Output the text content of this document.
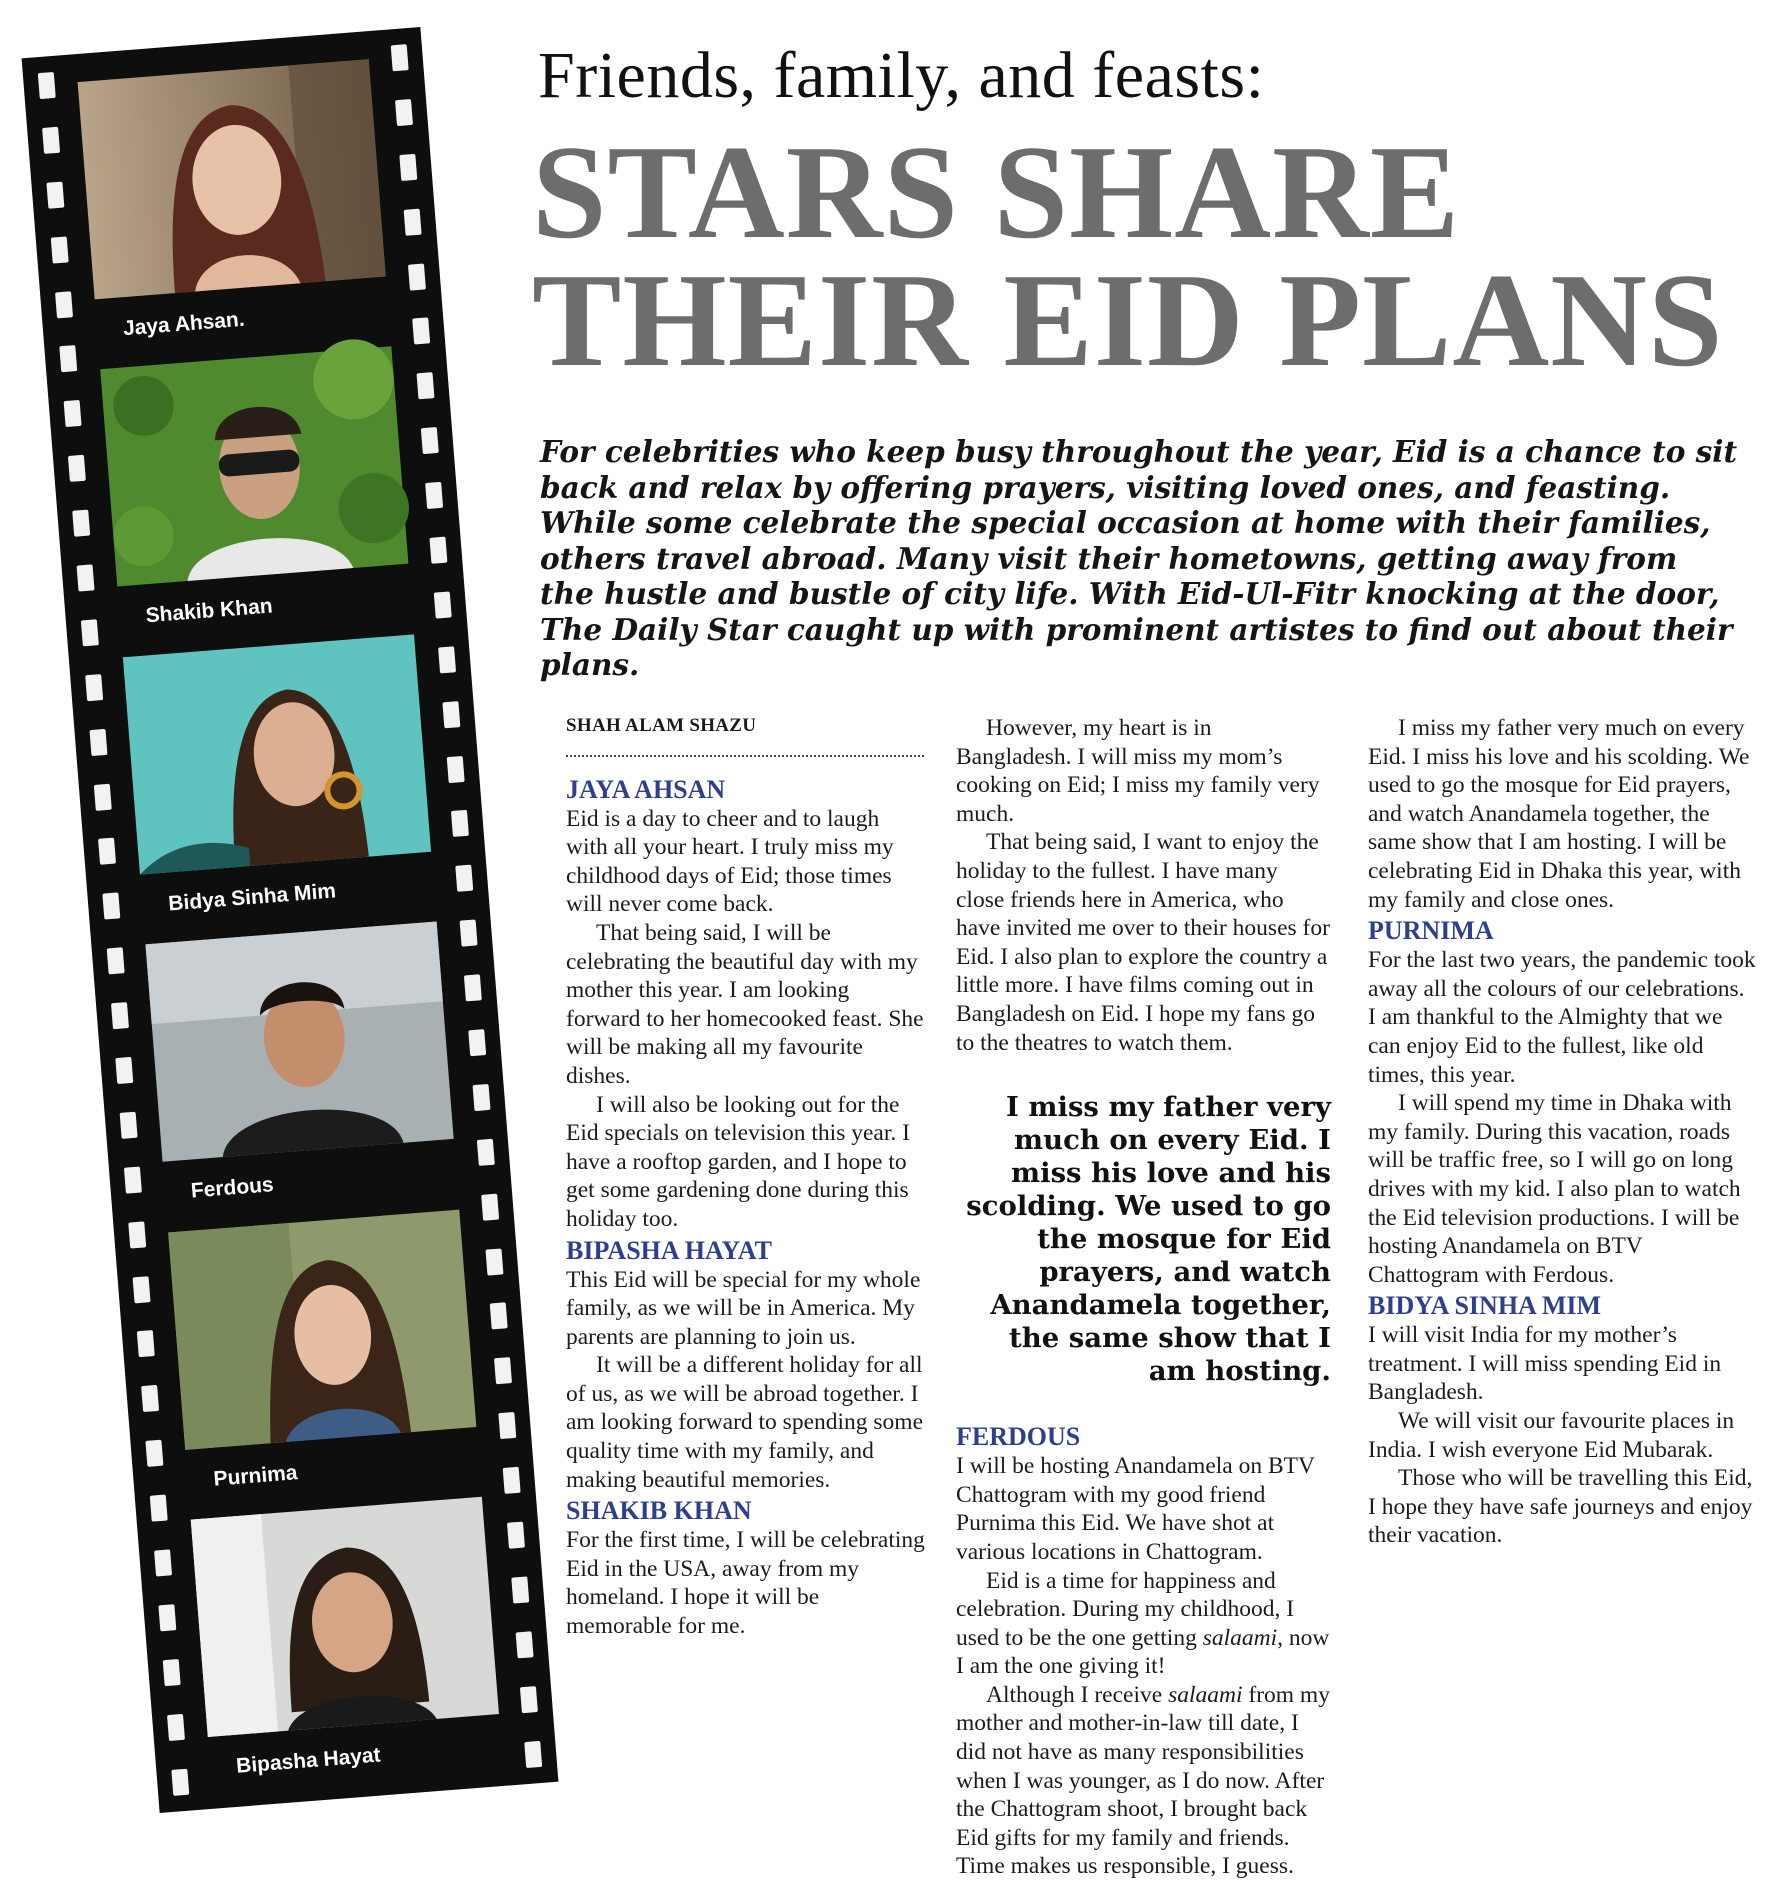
Jaya Ahsan.
Shakib Khan
Bidya Sinha Mim
Ferdous
Purnima
Bipasha Hayat
Friends, family, and feasts:
STARS SHARE
THEIR EID PLANS
For celebrities who keep busy throughout the year, Eid is a chance to sit back and relax by offering prayers, visiting loved ones, and feasting. While some celebrate the special occasion at home with their families, others travel abroad. Many visit their hometowns, getting away from the hustle and bustle of city life. With Eid-Ul-Fitr knocking at the door, The Daily Star caught up with prominent artistes to find out about their plans.
SHAH ALAM SHAZU
JAYA AHSAN

Eid is a day to cheer and to laugh with all your heart. I truly miss my childhood days of Eid; those times will never come back.

That being said, I will be celebrating the beautiful day with my mother this year. I am looking forward to her homecooked feast. She will be making all my favourite dishes.

I will also be looking out for the Eid specials on television this year. I have a rooftop garden, and I hope to get some gardening done during this holiday too.

BIPASHA HAYAT

This Eid will be special for my whole family, as we will be in America. My parents are planning to join us.

It will be a different holiday for all of us, as we will be abroad together. I am looking forward to spending some quality time with my family, and making beautiful memories.

SHAKIB KHAN

For the first time, I will be celebrating Eid in the USA, away from my homeland. I hope it will be memorable for me.

However, my heart is in Bangladesh. I will miss my mom’s cooking on Eid; I miss my family very much.

That being said, I want to enjoy the holiday to the fullest. I have many close friends here in America, who have invited me over to their houses for Eid. I also plan to explore the country a little more. I have films coming out in Bangladesh on Eid. I hope my fans go to the theatres to watch them.

I miss my father very much on every Eid. I miss his love and his scolding. We used to go the mosque for Eid prayers, and watch Anandamela together, the same show that I am hosting.
FERDOUS

I will be hosting Anandamela on BTV Chattogram with my good friend Purnima this Eid. We have shot at various locations in Chattogram.

Eid is a time for happiness and celebration. During my childhood, I used to be the one getting salaami, now I am the one giving it!

Although I receive salaami from my mother and mother-in-law till date, I did not have as many responsibilities when I was younger, as I do now. After the Chattogram shoot, I brought back Eid gifts for my family and friends. Time makes us responsible, I guess.

I miss my father very much on every Eid. I miss his love and his scolding. We used to go the mosque for Eid prayers, and watch Anandamela together, the same show that I am hosting. I will be celebrating Eid in Dhaka this year, with my family and close ones.

PURNIMA

For the last two years, the pandemic took away all the colours of our celebrations. I am thankful to the Almighty that we can enjoy Eid to the fullest, like old times, this year.

I will spend my time in Dhaka with my family. During this vacation, roads will be traffic free, so I will go on long drives with my kid. I also plan to watch the Eid television productions. I will be hosting Anandamela on BTV Chattogram with Ferdous.

BIDYA SINHA MIM

I will visit India for my mother’s treatment. I will miss spending Eid in Bangladesh.

We will visit our favourite places in India. I wish everyone Eid Mubarak.

Those who will be travelling this Eid, I hope they have safe journeys and enjoy their vacation.
